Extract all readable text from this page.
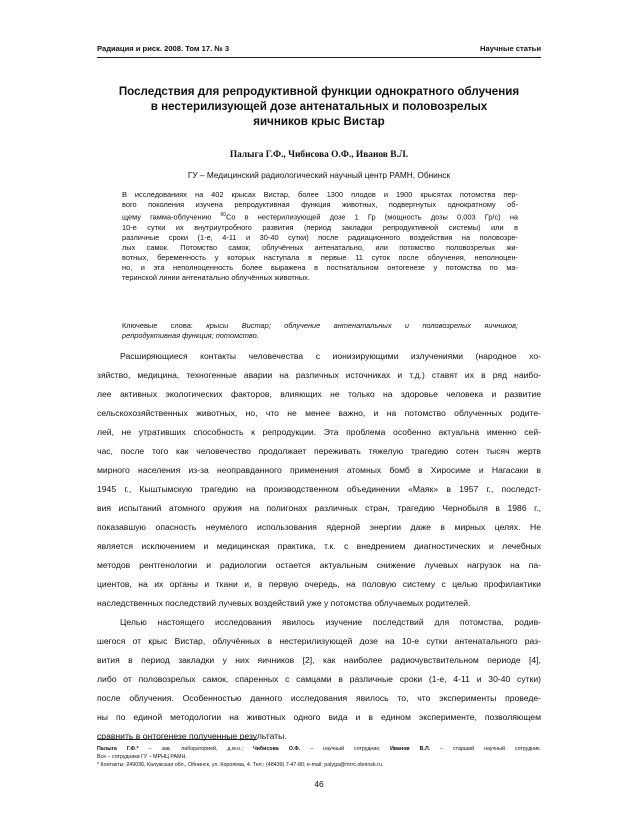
Радиация и риск. 2008. Том 17. № 3	Научные статьи
Последствия для репродуктивной функции однократного облучения
в нестерилизующей дозе антенатальных и половозрелых
яичников крыс Вистар
Палыга Г.Ф., Чибисова О.Ф., Иванов В.Л.
ГУ – Медицинский радиологический научный центр РАМН, Обнинск
В исследованиях на 402 крысах Вистар, более 1300 плодов и 1900 крысятах потомства пер-
вого поколения изучена репродуктивная функция животных, подвергнутых однократному об-
щему гамма-облучению $^{60}$Co в нестерилизующей дозе 1 Гр (мощность дозы 0,003 Гр/с) на
10-е сутки их внутриутробного развития (период закладки репродуктивной системы) или в
различные сроки (1-е, 4-11 и 30-40 сутки) после радиационного воздействия на половозре-
лых самок. Потомство самок, облучённых антенатально, или потомство половозрелых жи-
вотных, беременность у которых наступала в первые 11 суток после облучения, неполноцен-
но, и эта неполноценность более выражена в постнатальном онтогенезе у потомства по ма-
теринской линии антенатально облучённых животных.
Ключевые слова: крысы Вистар; облучение антенатальных и половозрелых яичников;
репродуктивная функция; потомство.
Расширяющиеся контакты человечества с ионизирующими излучениями (народное хо-
зяйство, медицина, техногенные аварии на различных источниках и т.д.) ставят их в ряд наибо-
лее активных экологических факторов, влияющих не только на здоровье человека и развитие
сельскохозяйственных животных, но, что не менее важно, и на потомство облученных родите-
лей, не утративших способность к репродукции. Эта проблема особенно актуальна именно сей-
час, после того как человечество продолжает переживать тяжелую трагедию сотен тысяч жертв
мирного населения из-за неоправданного применения атомных бомб в Хиросиме и Нагасаки в
1945 г., Кыштымскую трагедию на производственном объединении «Маяк» в 1957 г., последст-
вия испытаний атомного оружия на полигонах различных стран, трагедию Чернобыля в 1986 г.,
показавшую опасность неумелого использования ядерной энергии даже в мирных целях. Не
является исключением и медицинская практика, т.к. с внедрением диагностических и лечебных
методов рентгенологии и радиологии остается актуальным снижение лучевых нагрузок на па-
циентов, на их органы и ткани и, в первую очередь, на половую систему с целью профилактики
наследственных последствий лучевых воздействий уже у потомства облучаемых родителей.
Целью настоящего исследования явилось изучение последствий для потомства, родив-
шегося от крыс Вистар, облучённых в нестерилизующей дозе на 10-е сутки антенатального раз-
вития в период закладки у них яичников [2], как наиболее радиочувствительном периоде [4],
либо от половозрелых самок, спаренных с самцами в различные сроки (1-е, 4-11 и 30-40 сутки)
после облучения. Особенностью данного исследования явилось то, что эксперименты проведе-
ны по единой методологии на животных одного вида и в едином эксперименте, позволяющем
сравнить в онтогенезе полученные результаты.
Палыга Г.Ф.* – зав. лабораторией, д.м.н.; Чибисова О.Ф. – научный сотрудник; Иванов В.Л. – старший научный сотрудник.
Все – сотрудники ГУ – МРНЦ РАМН.
* Контакты: 249036, Калужская обл., Обнинск, ул. Королева, 4. Тел.: (48439) 7-47-80; e-mail: palyga@mrrc.obninsk.ru.
46
